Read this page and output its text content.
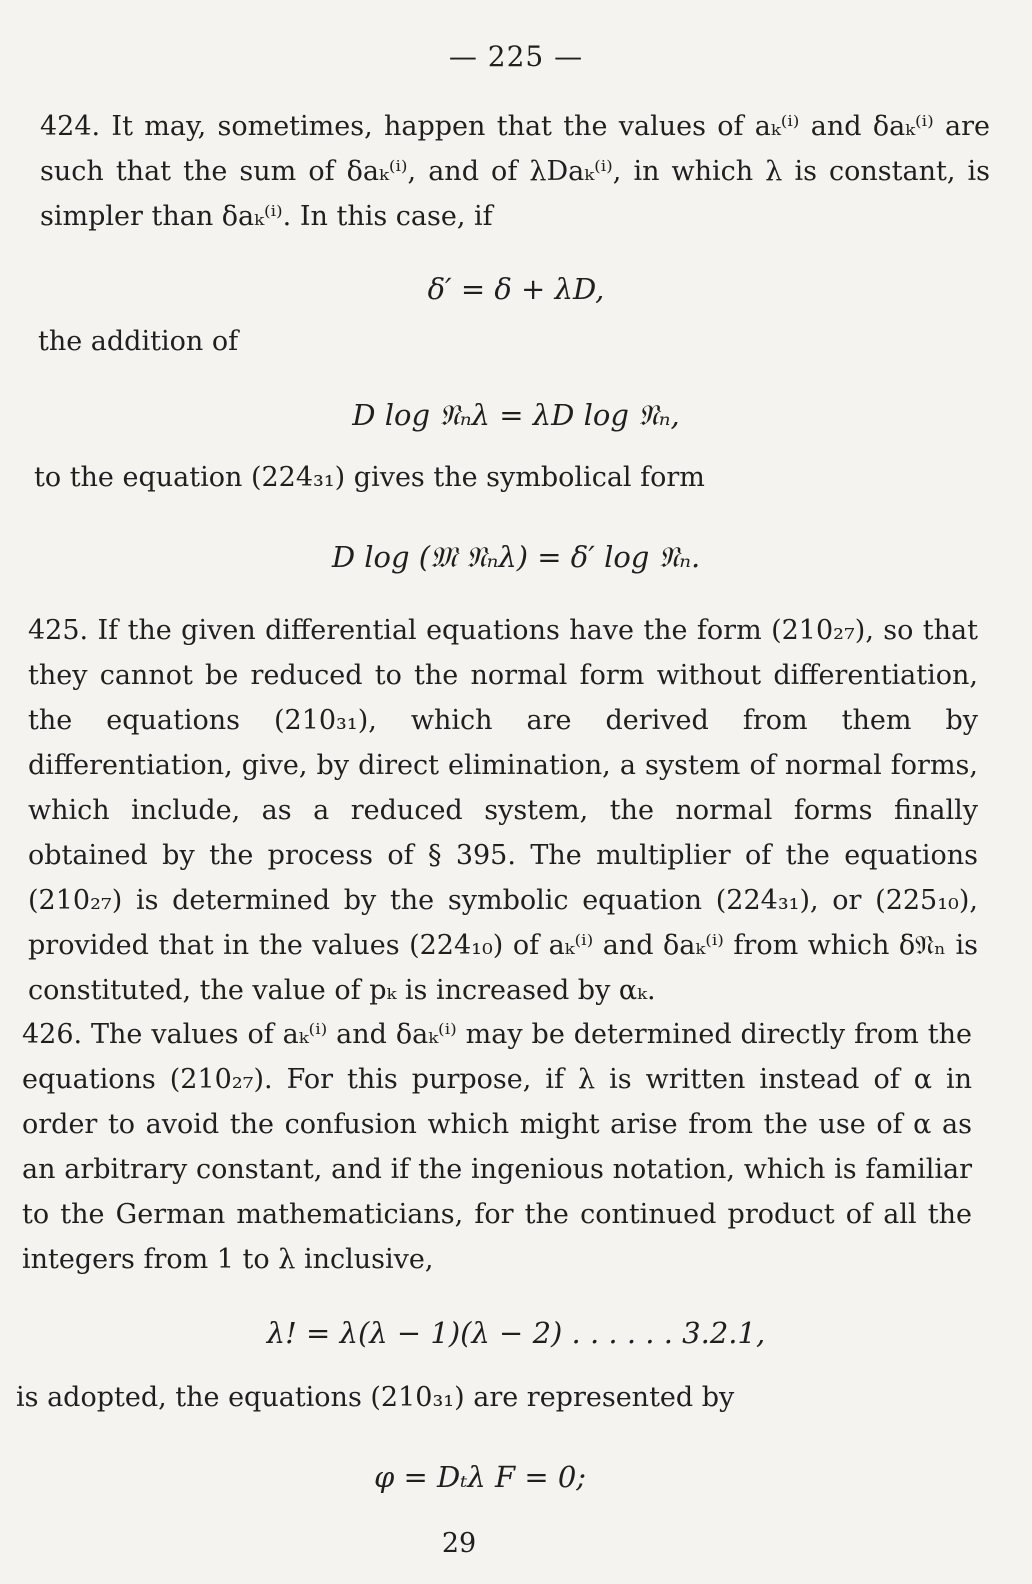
— 225 —

424. It may, sometimes, happen that the values of aₖ⁽ⁱ⁾ and δaₖ⁽ⁱ⁾ are such that the sum of δaₖ⁽ⁱ⁾, and of λDaₖ⁽ⁱ⁾, in which λ is constant, is simpler than δaₖ⁽ⁱ⁾. In this case, if

δ′ = δ + λD,
the addition of
D log 𝔑ₙλ = λD log 𝔑ₙ,
to the equation (224₃₁) gives the symbolical form
D log (𝔐 𝔑ₙλ) = δ′ log 𝔑ₙ.

425. If the given differential equations have the form (210₂₇), so that they cannot be reduced to the normal form without differentiation, the equations (210₃₁), which are derived from them by differentiation, give, by direct elimination, a system of normal forms, which include, as a reduced system, the normal forms finally obtained by the process of § 395. The multiplier of the equations (210₂₇) is determined by the symbolic equation (224₃₁), or (225₁₀), provided that in the values (224₁₀) of aₖ⁽ⁱ⁾ and δaₖ⁽ⁱ⁾ from which δ𝔑ₙ is constituted, the value of pₖ is increased by αₖ.

426. The values of aₖ⁽ⁱ⁾ and δaₖ⁽ⁱ⁾ may be determined directly from the equations (210₂₇). For this purpose, if λ is written instead of α in order to avoid the confusion which might arise from the use of α as an arbitrary constant, and if the ingenious notation, which is familiar to the German mathematicians, for the continued product of all the integers from 1 to λ inclusive,

λ! = λ(λ − 1)(λ − 2) . . . . . . 3.2.1,
is adopted, the equations (210₃₁) are represented by
φ = Dₜλ F = 0;
29
